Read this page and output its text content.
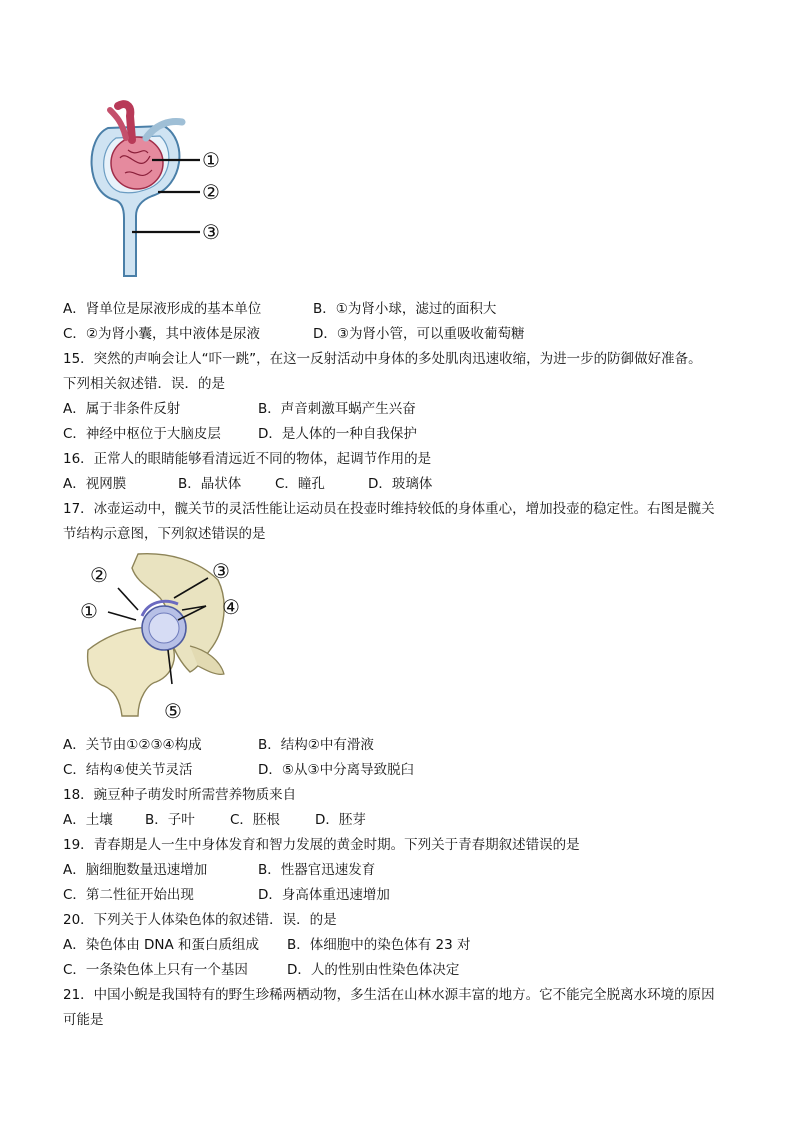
①
②
③
A．肾单位是尿液形成的基本单位	B．①为肾小球，滤过的面积大
C．②为肾小囊，其中液体是尿液	D．③为肾小管，可以重吸收葡萄糖
15．突然的声响会让人“吓一跳”，在这一反射活动中身体的多处肌肉迅速收缩，为进一步的防御做好准备。
下列相关叙述错．误．的是
A．属于非条件反射	B．声音刺激耳蜗产生兴奋
C．神经中枢位于大脑皮层	D．是人体的一种自我保护
16．正常人的眼睛能够看清远近不同的物体，起调节作用的是
A．视网膜	B．晶状体 C．瞳孔	D．玻璃体
17．冰壶运动中，髋关节的灵活性能让运动员在投壶时维持较低的身体重心，增加投壶的稳定性。右图是髋关
节结构示意图，下列叙述错误的是
②	③
①	④
⑤
A．关节由①②③④构成	B．结构②中有滑液
C．结构④使关节灵活	D．⑤从③中分离导致脱臼
18．豌豆种子萌发时所需营养物质来自
A．土壤 B．子叶	C．胚根	D．胚芽
19．青春期是人一生中身体发育和智力发展的黄金时期。下列关于青春期叙述错误的是
A．脑细胞数量迅速增加	B．性器官迅速发育
C．第二性征开始出现	D．身高体重迅速增加
20．下列关于人体染色体的叙述错．误．的是
A．染色体由 DNA 和蛋白质组成 B．体细胞中的染色体有 23 对
C．一条染色体上只有一个基因	D．人的性别由性染色体决定
21．中国小鲵是我国特有的野生珍稀两栖动物，多生活在山林水源丰富的地方。它不能完全脱离水环境的原因
可能是
